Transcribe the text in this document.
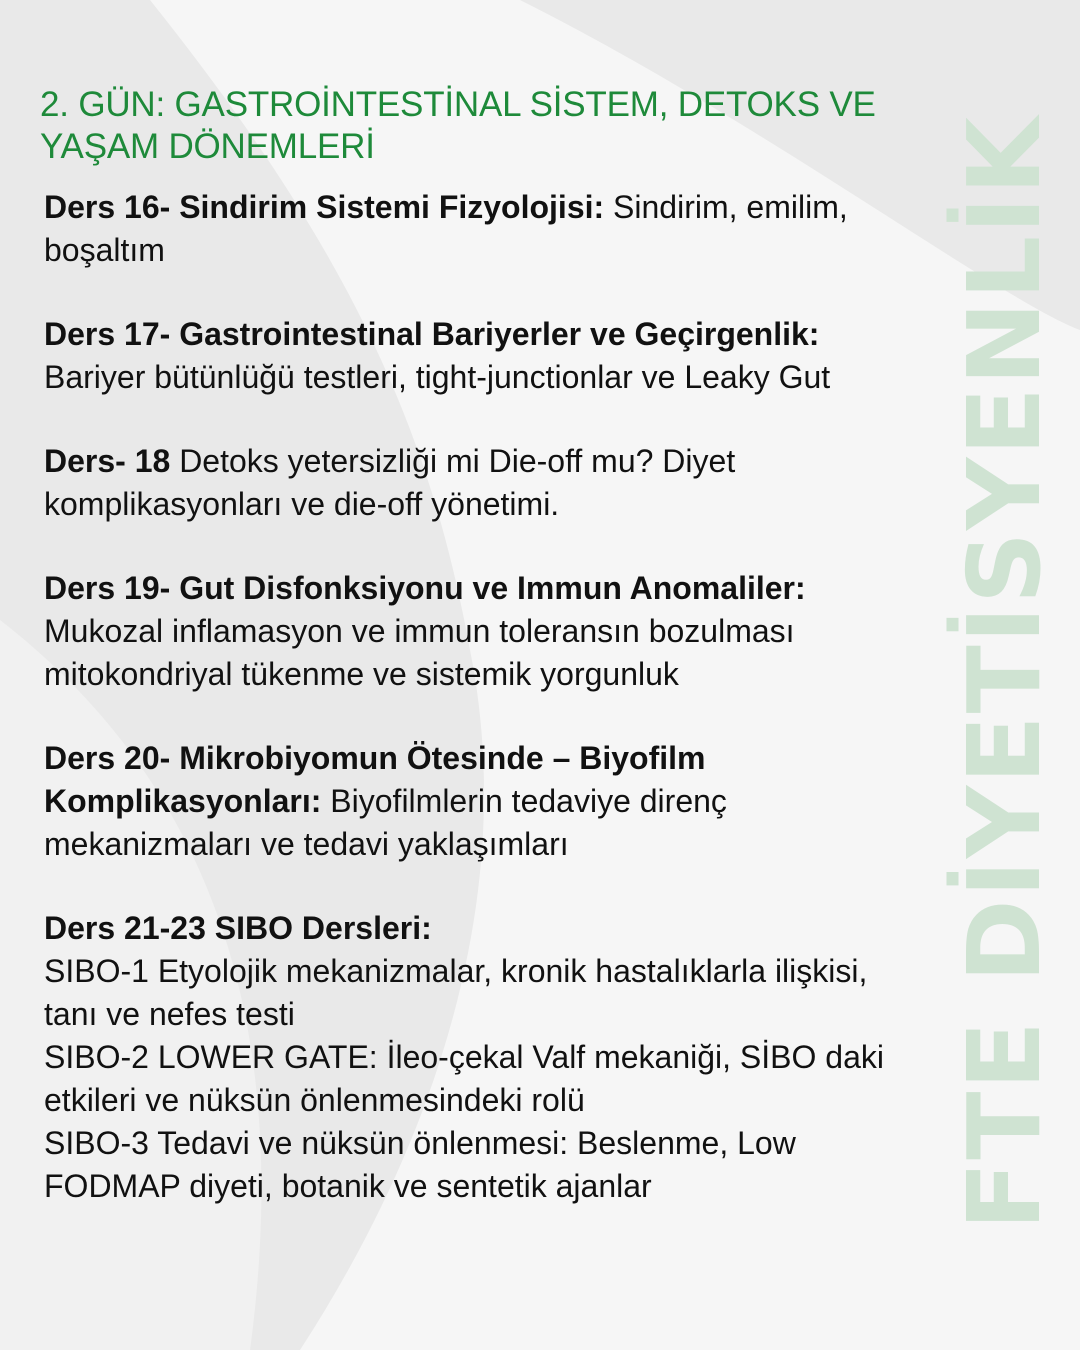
2. GÜN: GASTROİNTESTİNAL SİSTEM, DETOKS VE YAŞAM DÖNEMLERİ
Ders 16- Sindirim Sistemi Fizyolojisi: Sindirim, emilim, boşaltım
Ders 17- Gastrointestinal Bariyerler ve Geçirgenlik: Bariyer bütünlüğü testleri, tight-junctionlar ve Leaky Gut
Ders- 18 Detoks yetersizliği mi Die-off mu? Diyet komplikasyonları ve die-off yönetimi.
Ders 19- Gut Disfonksiyonu ve Immun Anomaliler: Mukozal inflamasyon ve immun toleransın bozulması mitokondriyal tükenme ve sistemik yorgunluk
Ders 20- Mikrobiyomun Ötesinde – Biyofilm Komplikasyonları: Biyofilmlerin tedaviye direnç mekanizmaları ve tedavi yaklaşımları
Ders 21-23 SIBO Dersleri:
SIBO-1 Etyolojik mekanizmalar, kronik hastalıklarla ilişkisi, tanı ve nefes testi
SIBO-2 LOWER GATE: İleo-çekal Valf mekaniği, SİBO daki etkileri ve nüksün önlenmesindeki rolü
SIBO-3 Tedavi ve nüksün önlenmesi: Beslenme, Low FODMAP diyeti, botanik ve sentetik ajanlar	FTE DİYETİSYENLİK
